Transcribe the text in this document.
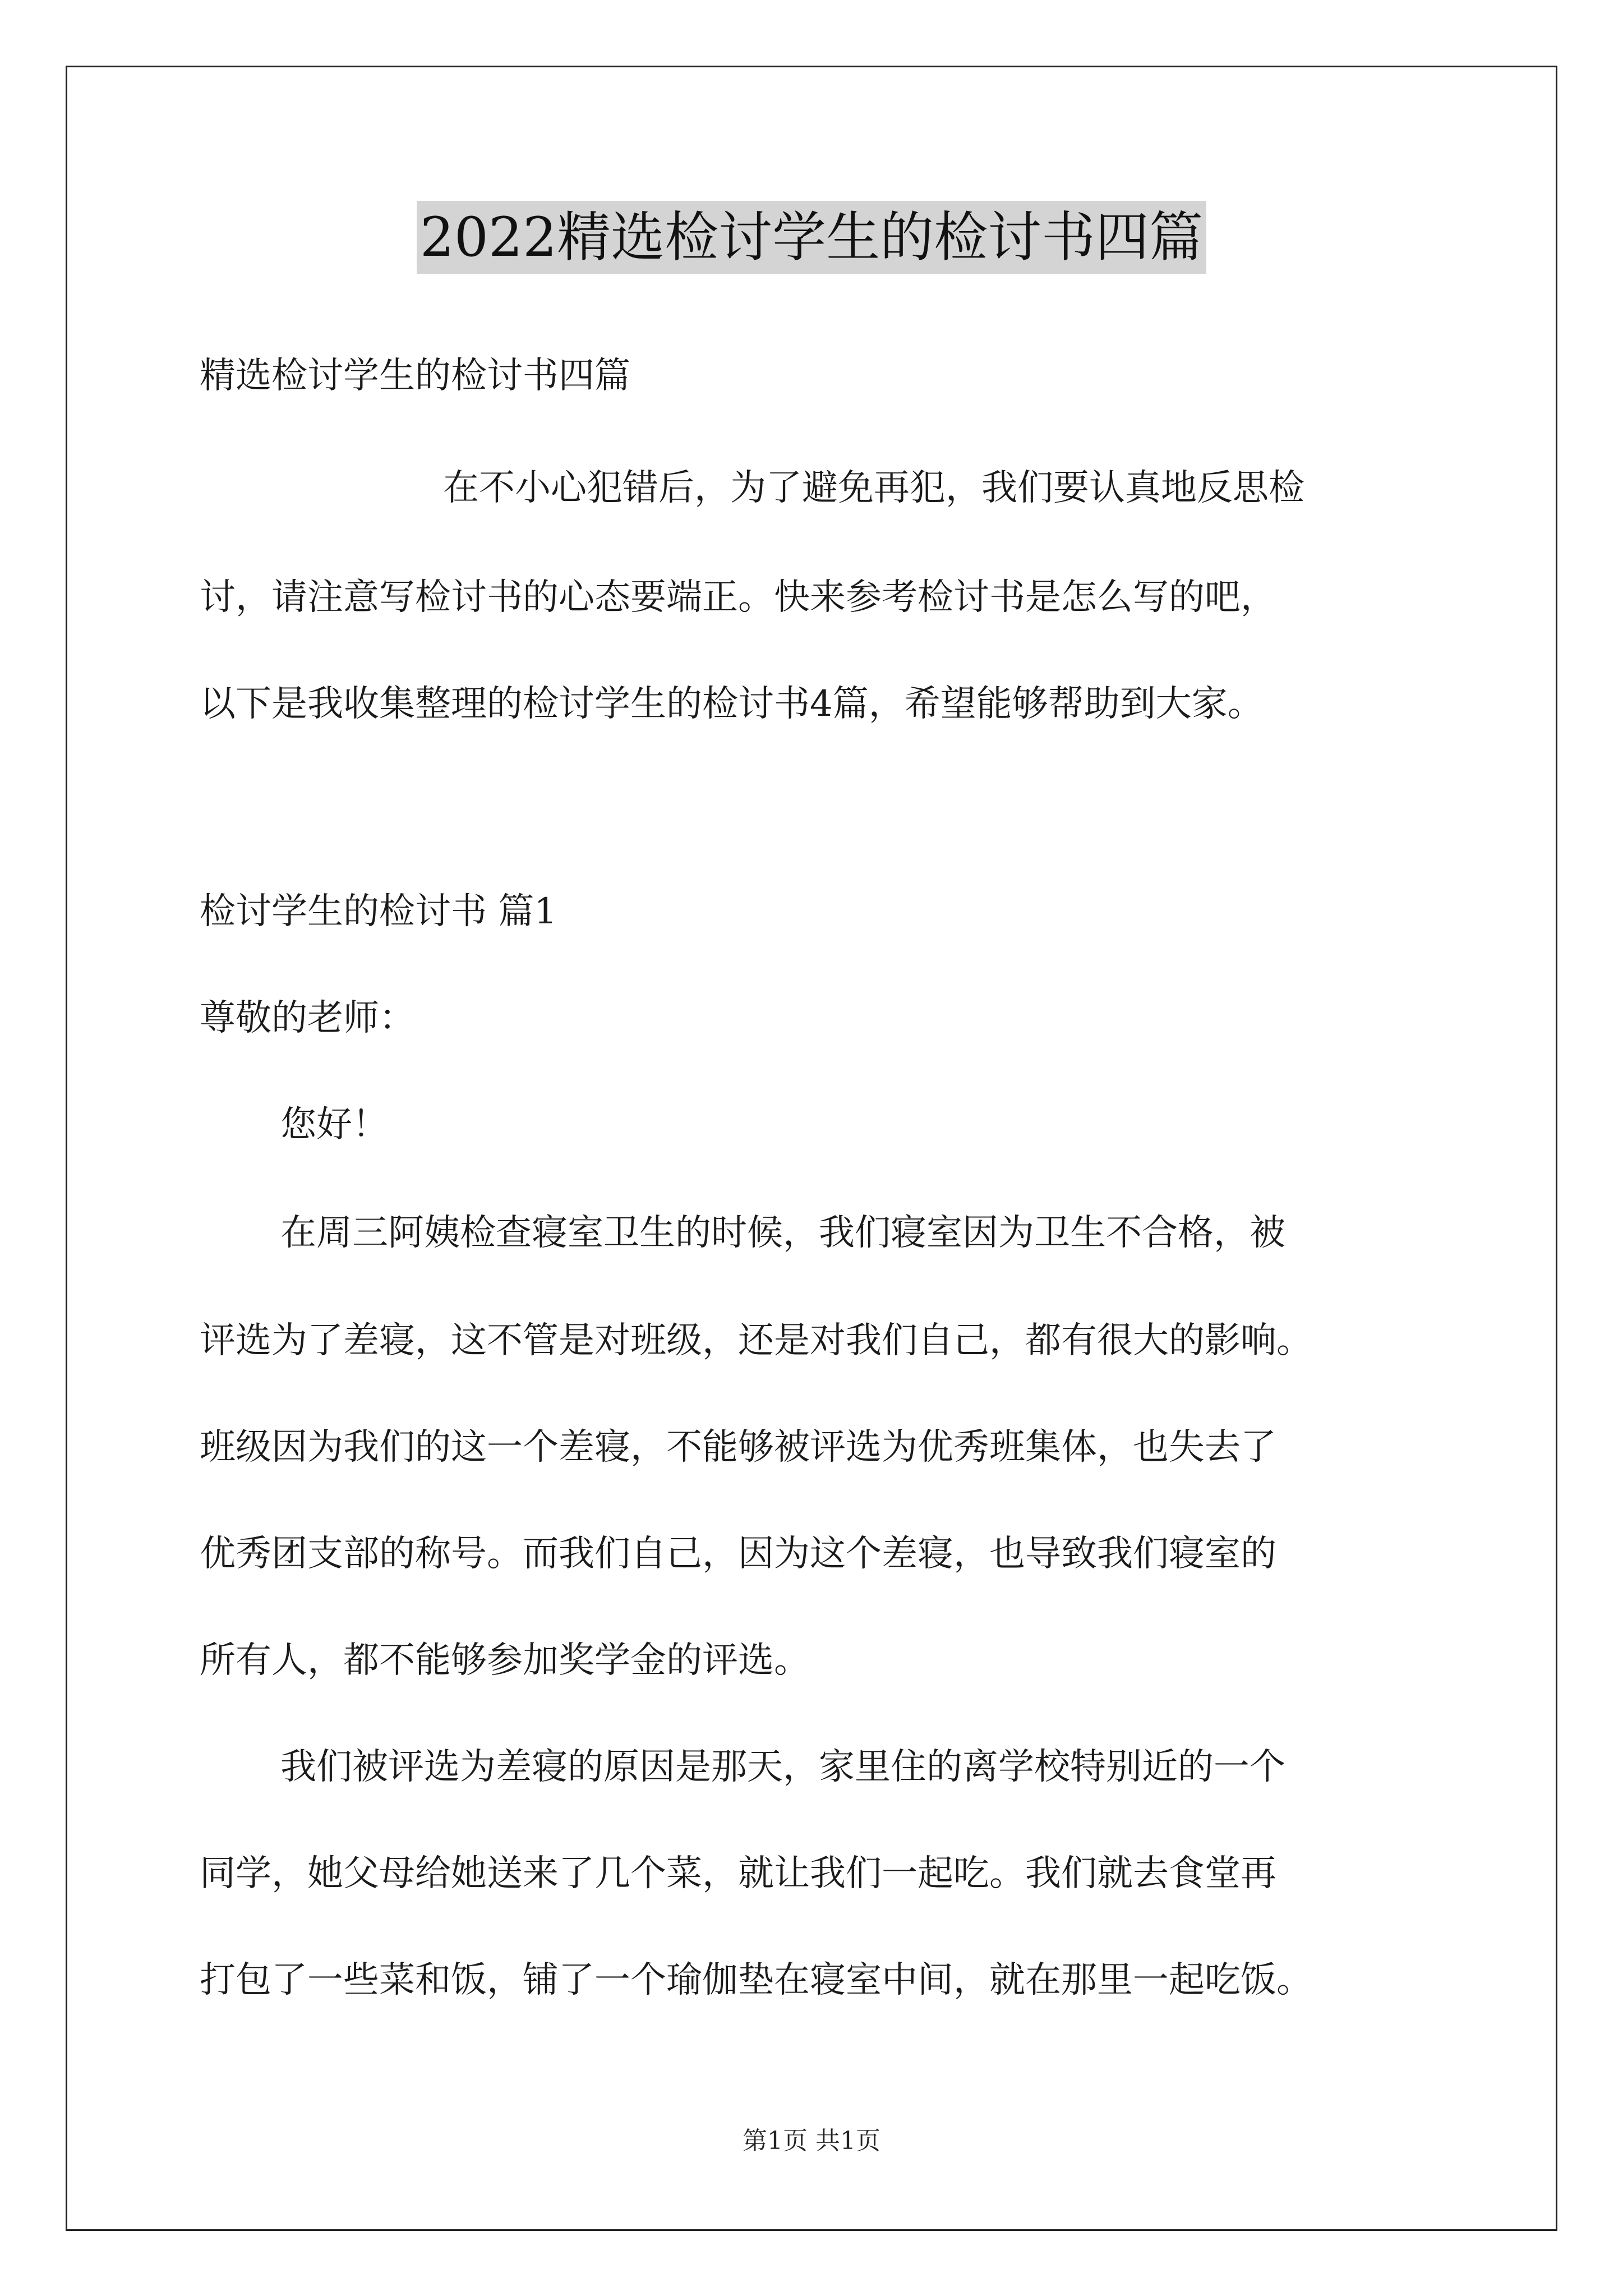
2022精选检讨学生的检讨书四篇
精选检讨学生的检讨书四篇
在不小心犯错后，为了避免再犯，我们要认真地反思检
讨，请注意写检讨书的心态要端正。快来参考检讨书是怎么写的吧，
以下是我收集整理的检讨学生的检讨书4篇，希望能够帮助到大家。
检讨学生的检讨书 篇1
尊敬的老师：
您好！
在周三阿姨检查寝室卫生的时候，我们寝室因为卫生不合格，被
评选为了差寝，这不管是对班级，还是对我们自己，都有很大的影响。
班级因为我们的这一个差寝，不能够被评选为优秀班集体，也失去了
优秀团支部的称号。而我们自己，因为这个差寝，也导致我们寝室的
所有人，都不能够参加奖学金的评选。
我们被评选为差寝的原因是那天，家里住的离学校特别近的一个
同学，她父母给她送来了几个菜，就让我们一起吃。我们就去食堂再
打包了一些菜和饭，铺了一个瑜伽垫在寝室中间，就在那里一起吃饭。
第1页 共1页
